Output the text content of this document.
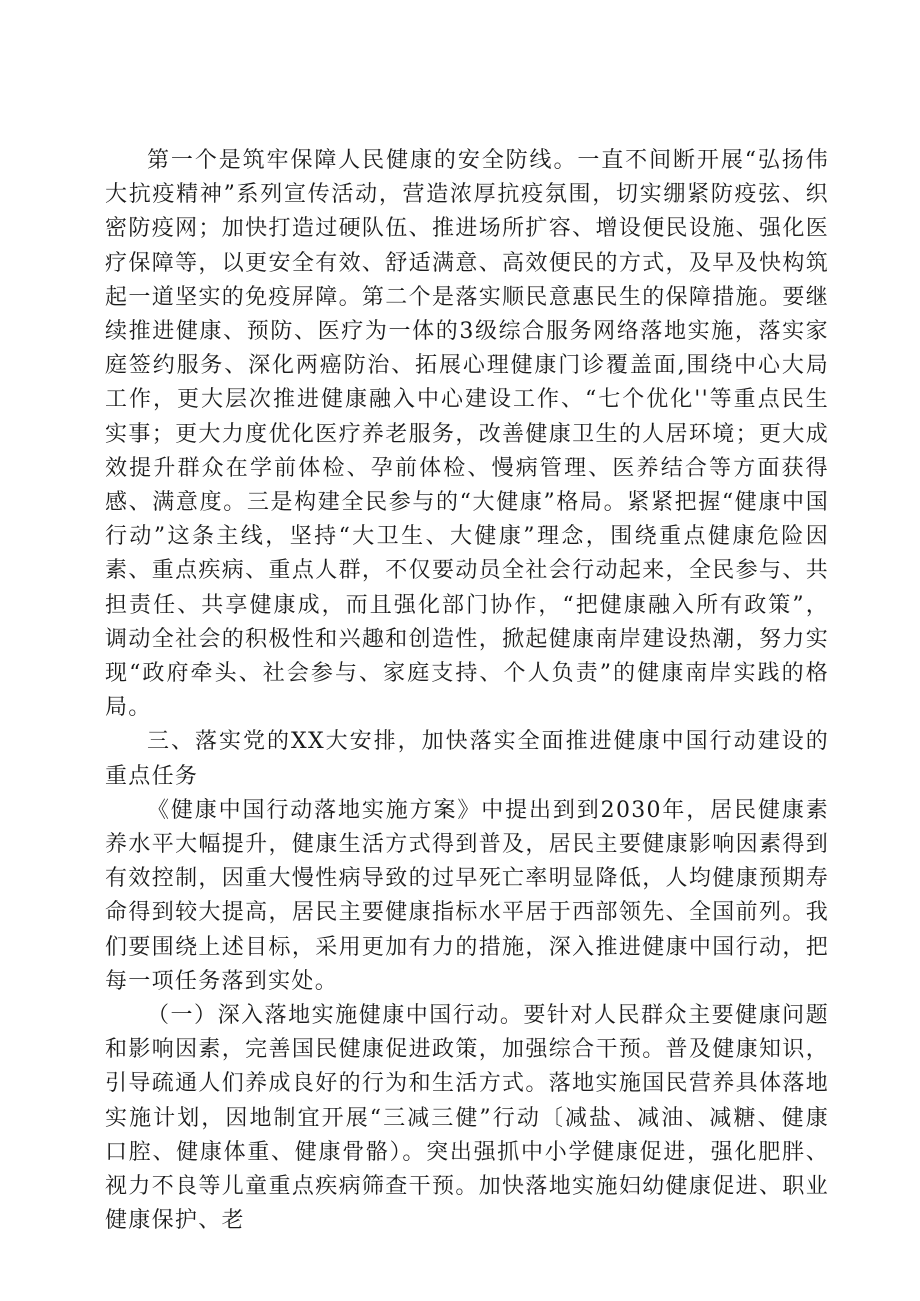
第一个是筑牢保障人民健康的安全防线。一直不间断开展“弘扬伟大抗疫精神”系列宣传活动，营造浓厚抗疫氛围，切实绷紧防疫弦、织密防疫网；加快打造过硬队伍、推进场所扩容、增设便民设施、强化医疗保障等，以更安全有效、舒适满意、高效便民的方式，及早及快构筑起一道坚实的免疫屏障。第二个是落实顺民意惠民生的保障措施。要继续推进健康、预防、医疗为一体的3级综合服务网络落地实施，落实家庭签约服务、深化两癌防治、拓展心理健康门诊覆盖面,围绕中心大局工作，更大层次推进健康融入中心建设工作、“七个优化''等重点民生实事；更大力度优化医疗养老服务，改善健康卫生的人居环境；更大成效提升群众在学前体检、孕前体检、慢病管理、医养结合等方面获得感、满意度。三是构建全民参与的“大健康”格局。紧紧把握“健康中国行动”这条主线，坚持“大卫生、大健康”理念，围绕重点健康危险因素、重点疾病、重点人群，不仅要动员全社会行动起来，全民参与、共担责任、共享健康成，而且强化部门协作，“把健康融入所有政策”，调动全社会的积极性和兴趣和创造性，掀起健康南岸建设热潮，努力实现“政府牵头、社会参与、家庭支持、个人负责”的健康南岸实践的格局。

三、落实党的XX大安排，加快落实全面推进健康中国行动建设的重点任务

《健康中国行动落地实施方案》中提出到到2030年，居民健康素养水平大幅提升，健康生活方式得到普及，居民主要健康影响因素得到有效控制，因重大慢性病导致的过早死亡率明显降低，人均健康预期寿命得到较大提高，居民主要健康指标水平居于西部领先、全国前列。我们要围绕上述目标，采用更加有力的措施，深入推进健康中国行动，把每一项任务落到实处。

（一）深入落地实施健康中国行动。要针对人民群众主要健康问题和影响因素，完善国民健康促进政策，加强综合干预。普及健康知识，引导疏通人们养成良好的行为和生活方式。落地实施国民营养具体落地实施计划，因地制宜开展“三减三健”行动〔减盐、减油、减糖、健康口腔、健康体重、健康骨骼）。突出强抓中小学健康促进，强化肥胖、视力不良等儿童重点疾病筛查干预。加快落地实施妇幼健康促进、职业健康保护、老
